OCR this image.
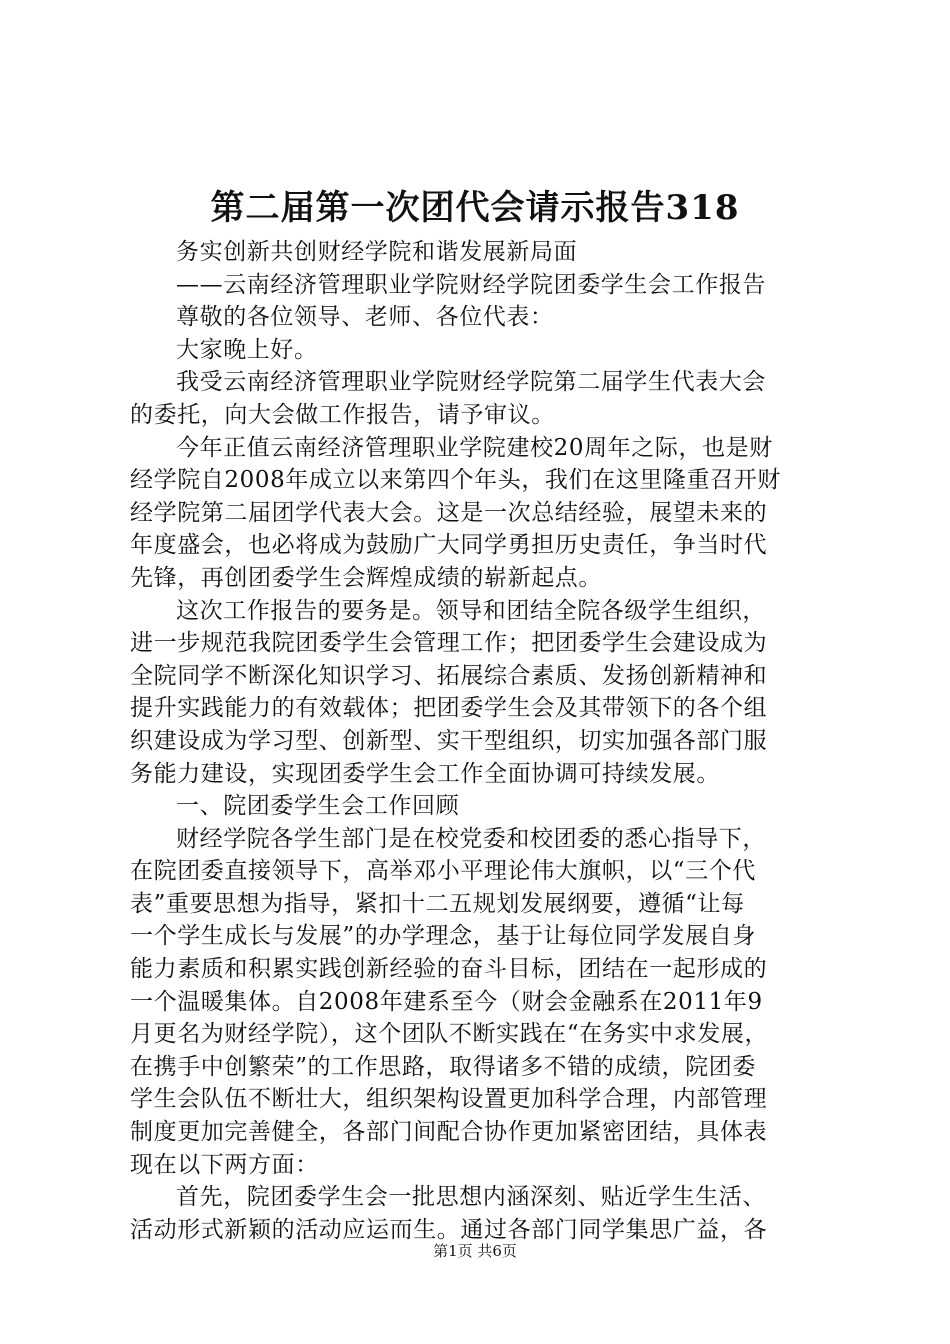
第二届第一次团代会请示报告318
务实创新共创财经学院和谐发展新局面
——云南经济管理职业学院财经学院团委学生会工作报告
尊敬的各位领导、老师、各位代表：
大家晚上好。
我受云南经济管理职业学院财经学院第二届学生代表大会
的委托，向大会做工作报告，请予审议。
今年正值云南经济管理职业学院建校20周年之际，也是财
经学院自2008年成立以来第四个年头，我们在这里隆重召开财
经学院第二届团学代表大会。这是一次总结经验，展望未来的
年度盛会，也必将成为鼓励广大同学勇担历史责任，争当时代
先锋，再创团委学生会辉煌成绩的崭新起点。
这次工作报告的要务是。领导和团结全院各级学生组织，
进一步规范我院团委学生会管理工作；把团委学生会建设成为
全院同学不断深化知识学习、拓展综合素质、发扬创新精神和
提升实践能力的有效载体；把团委学生会及其带领下的各个组
织建设成为学习型、创新型、实干型组织，切实加强各部门服
务能力建设，实现团委学生会工作全面协调可持续发展。
一、院团委学生会工作回顾
财经学院各学生部门是在校党委和校团委的悉心指导下，
在院团委直接领导下，高举邓小平理论伟大旗帜，以“三个代
表”重要思想为指导，紧扣十二五规划发展纲要，遵循“让每
一个学生成长与发展”的办学理念，基于让每位同学发展自身
能力素质和积累实践创新经验的奋斗目标，团结在一起形成的
一个温暖集体。自2008年建系至今（财会金融系在2011年9
月更名为财经学院），这个团队不断实践在“在务实中求发展，
在携手中创繁荣”的工作思路，取得诸多不错的成绩，院团委
学生会队伍不断壮大，组织架构设置更加科学合理，内部管理
制度更加完善健全，各部门间配合协作更加紧密团结，具体表
现在以下两方面：
首先，院团委学生会一批思想内涵深刻、贴近学生生活、
活动形式新颖的活动应运而生。通过各部门同学集思广益，各
第1页 共6页
